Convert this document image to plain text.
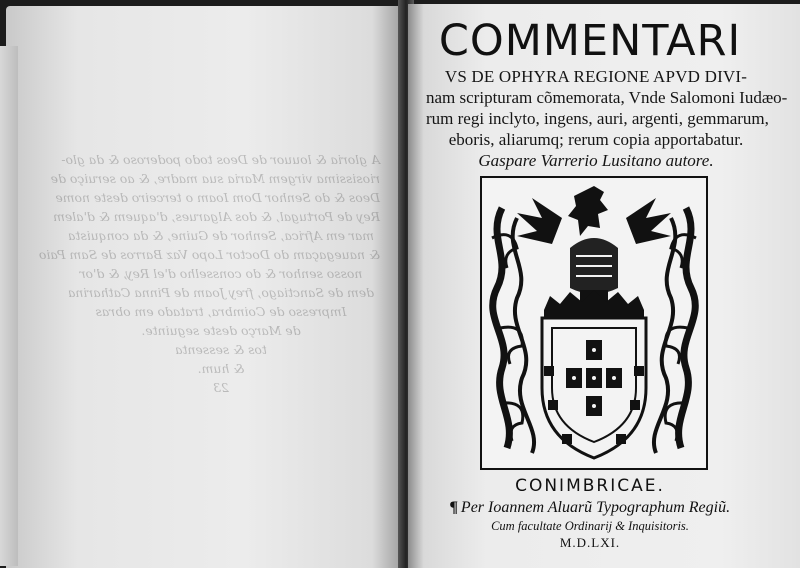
A gloria & louuor de Deos todo poderoso & da glo-
riosissima virgem Maria sua madre, & ao seruiço de
Deos & do Senhor Dom Ioam o terceiro deste nome
Rey de Portugal, & dos Algarues, d'aquem & d'alem
mar em Africa, Senhor de Guine, & da conquista
& nauegaçam do Doctor Lopo Vaz Barros de Sam Paio
nosso senhor & do consselho d'el Rey, & d'or
dem de Sanctiago, frey Joam de Pinna Catharina
Impresso de Coimbra, tratado em obras
de Março deste seguinte.
tos & sessenta
& hum.
23
COMMENTARI
VS DE OPHYRA REGIONE APVD DIVI-
nam scripturam cõmemorata, Vnde Salomoni Iudæo-
rum regi inclyto, ingens, auri, argenti, gemmarum,
eboris, aliarumq; rerum copia apportabatur.
Gaspare Varrerio Lusitano autore.
CONIMBRICAE.
¶ Per Ioannem Aluarũ Typographum Regiũ.
Cum facultate Ordinarij & Inquisitoris.
M.D.LXI.
